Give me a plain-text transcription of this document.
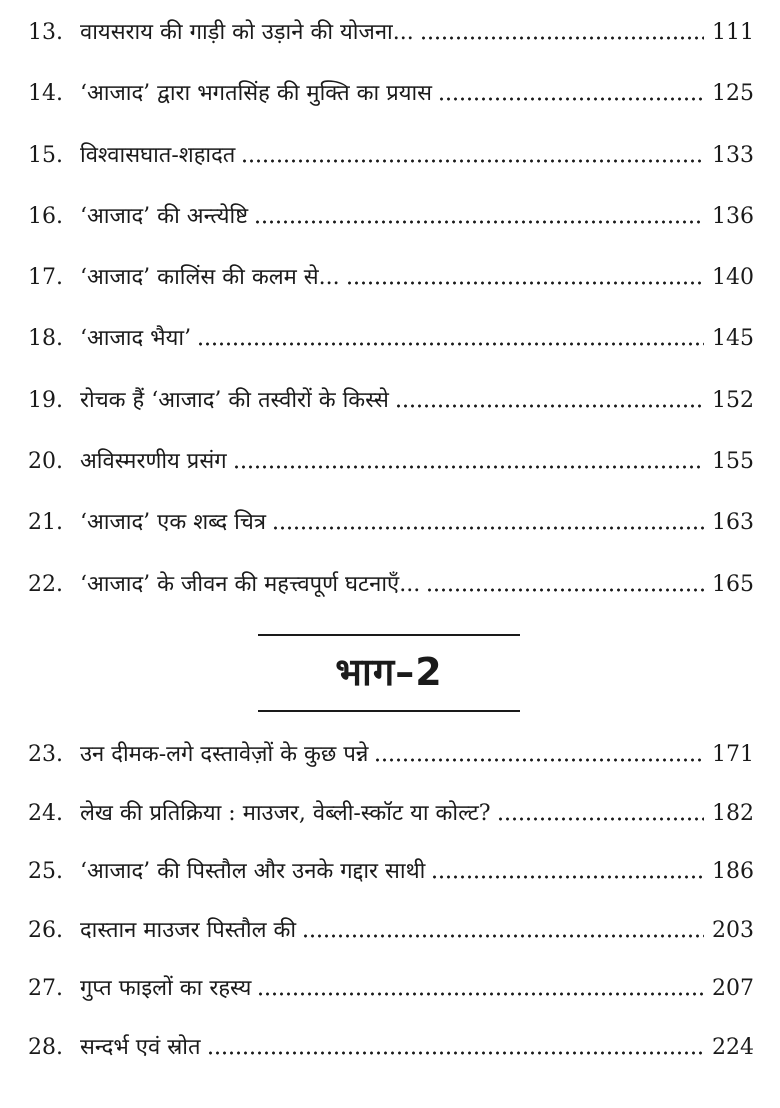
13. वायसराय की गाड़ी को उड़ाने की योजना...	111
14. ‘आजाद’ द्वारा भगतसिंह की मुक्ति का प्रयास	125
15. विश्वासघात-शहादत	133
16. ‘आजाद’ की अन्त्येष्टि	136
17. ‘आजाद’ कालिंस की कलम से...	140
18. ‘आजाद भैया’	145
19. रोचक हैं ‘आजाद’ की तस्वीरों के किस्से	152
20. अविस्मरणीय प्रसंग	155
21. ‘आजाद’ एक शब्द चित्र	163
22. ‘आजाद’ के जीवन की महत्त्वपूर्ण घटनाएँ...	165
भाग–2
23. उन दीमक-लगे दस्तावेज़ों के कुछ पन्ने	171
24. लेख की प्रतिक्रिया : माउजर, वेब्ली-स्कॉट या कोल्ट?	182
25. ‘आजाद’ की पिस्तौल और उनके गद्दार साथी	186
26. दास्तान माउजर पिस्तौल की	203
27. गुप्त फाइलों का रहस्य	207
28. सन्दर्भ एवं स्रोत	224
